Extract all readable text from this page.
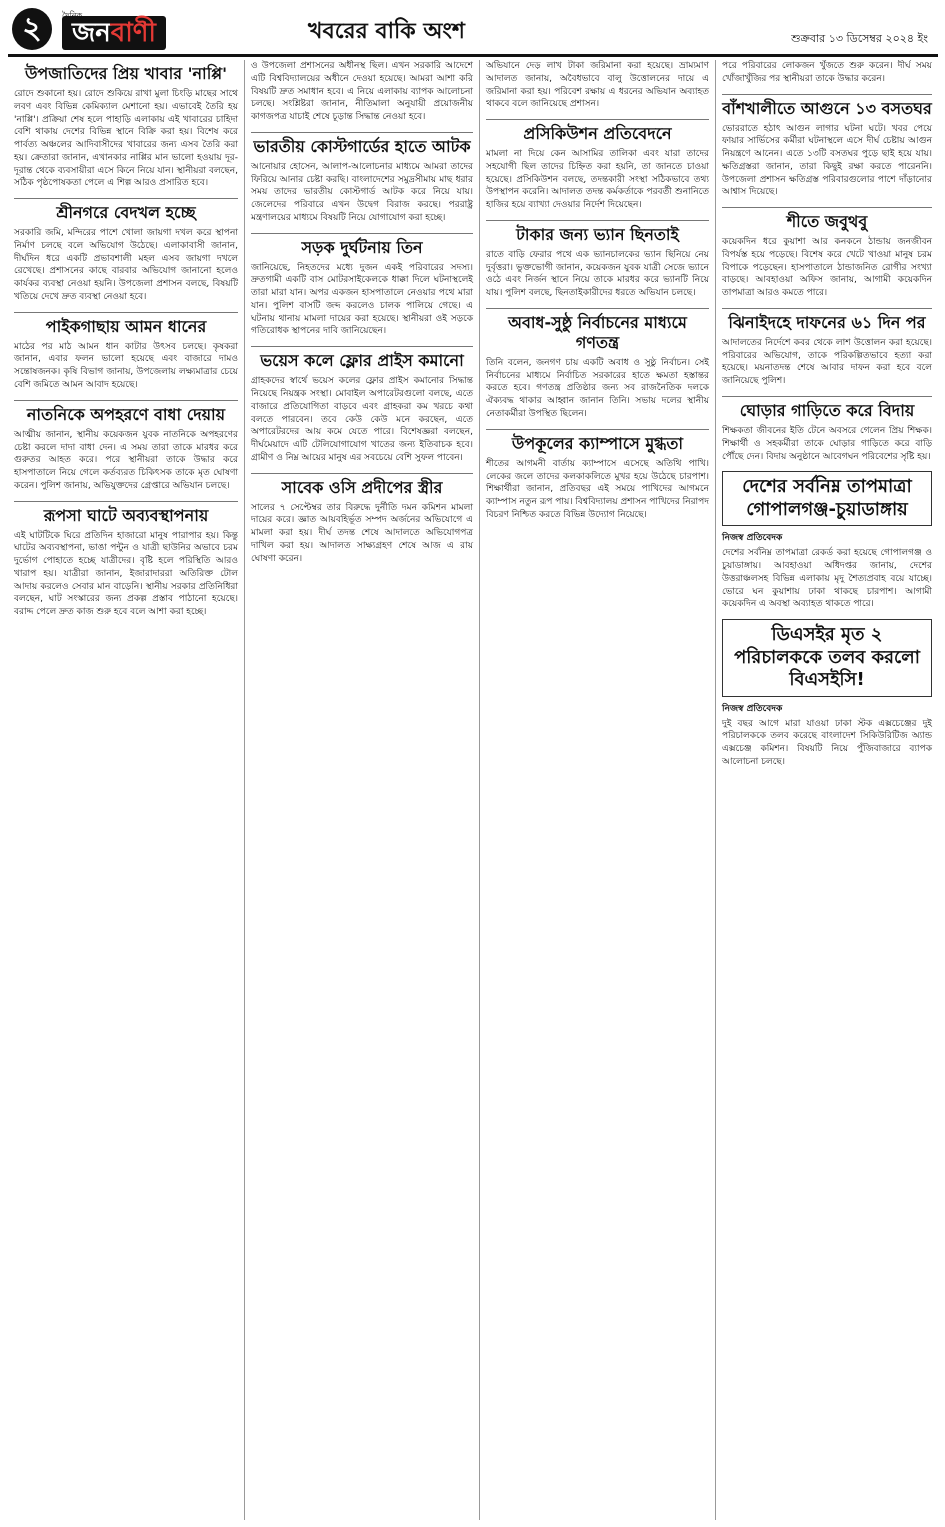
২	জনবাণী	খবরের বাকি অংশ	শুক্রবার ১৩ ডিসেম্বর ২০২৪ ইং
উপজাতিদের প্রিয় খাবার 'নাপ্পি'

রোদে শুকানো হয়। রোদে শুকিয়ে রাখা মুলা চিংড়ি মাছের সাথে লবণ এবং বিভিন্ন কেমিক্যাল মেশানো হয়। এভাবেই তৈরি হয় 'নাপ্পি'। প্রক্রিয়া শেষ হলে পাহাড়ি এলাকায় এই খাবারের চাহিদা বেশি থাকায় দেশের বিভিন্ন স্থানে বিক্রি করা হয়। বিশেষ করে পার্বত্য অঞ্চলের আদিবাসীদের খাবারের জন্য এসব তৈরি করা হয়। ক্রেতারা জানান, এখানকার নাপ্পির মান ভালো হওয়ায় দূর-দূরান্ত থেকে ব্যবসায়ীরা এসে কিনে নিয়ে যান। স্থানীয়রা বলছেন, সঠিক পৃষ্ঠপোষকতা পেলে এ শিল্প আরও প্রসারিত হবে।

শ্রীনগরে বেদখল হচ্ছে

সরকারি জমি, মন্দিরের পাশে খোলা জায়গা দখল করে স্থাপনা নির্মাণ চলছে বলে অভিযোগ উঠেছে। এলাকাবাসী জানান, দীর্ঘদিন ধরে একটি প্রভাবশালী মহল এসব জায়গা দখলে রেখেছে। প্রশাসনের কাছে বারবার অভিযোগ জানানো হলেও কার্যকর ব্যবস্থা নেওয়া হয়নি। উপজেলা প্রশাসন বলছে, বিষয়টি খতিয়ে দেখে দ্রুত ব্যবস্থা নেওয়া হবে।

পাইকগাছায় আমন ধানের

মাঠের পর মাঠ আমন ধান কাটার উৎসব চলছে। কৃষকরা জানান, এবার ফলন ভালো হয়েছে এবং বাজারে দামও সন্তোষজনক। কৃষি বিভাগ জানায়, উপজেলায় লক্ষ্যমাত্রার চেয়ে বেশি জমিতে আমন আবাদ হয়েছে।

নাতনিকে অপহরণে বাধা দেয়ায়

আত্মীয় জানান, স্থানীয় কয়েকজন যুবক নাতনিকে অপহরণের চেষ্টা করলে দাদা বাধা দেন। এ সময় তারা তাকে মারধর করে গুরুতর আহত করে। পরে স্থানীয়রা তাকে উদ্ধার করে হাসপাতালে নিয়ে গেলে কর্তব্যরত চিকিৎসক তাকে মৃত ঘোষণা করেন। পুলিশ জানায়, অভিযুক্তদের গ্রেপ্তারে অভিযান চলছে।

রূপসা ঘাটে অব্যবস্থাপনায়

এই ঘাটটিকে ঘিরে প্রতিদিন হাজারো মানুষ পারাপার হয়। কিন্তু ঘাটের অব্যবস্থাপনা, ভাঙা পন্টুন ও যাত্রী ছাউনির অভাবে চরম দুর্ভোগ পোহাতে হচ্ছে যাত্রীদের। বৃষ্টি হলে পরিস্থিতি আরও খারাপ হয়। যাত্রীরা জানান, ইজারাদাররা অতিরিক্ত টোল আদায় করলেও সেবার মান বাড়েনি। স্থানীয় সরকার প্রতিনিধিরা বলছেন, ঘাট সংস্কারের জন্য প্রকল্প প্রস্তাব পাঠানো হয়েছে। বরাদ্দ পেলে দ্রুত কাজ শুরু হবে বলে আশা করা হচ্ছে।

ও উপজেলা প্রশাসনের অধীনস্থ ছিল। এখন সরকারি আদেশে এটি বিশ্ববিদ্যালয়ের অধীনে দেওয়া হয়েছে। আমরা আশা করি বিষয়টি দ্রুত সমাধান হবে। এ নিয়ে এলাকায় ব্যাপক আলোচনা চলছে। সংশ্লিষ্টরা জানান, নীতিমালা অনুযায়ী প্রয়োজনীয় কাগজপত্র যাচাই শেষে চূড়ান্ত সিদ্ধান্ত নেওয়া হবে।

ভারতীয় কোস্টগার্ডের হাতে আটক

আনোয়ার হোসেন, আলাপ-আলোচনার মাধ্যমে আমরা তাদের ফিরিয়ে আনার চেষ্টা করছি। বাংলাদেশের সমুদ্রসীমায় মাছ ধরার সময় তাদের ভারতীয় কোস্টগার্ড আটক করে নিয়ে যায়। জেলেদের পরিবারে এখন উদ্বেগ বিরাজ করছে। পররাষ্ট্র মন্ত্রণালয়ের মাধ্যমে বিষয়টি নিয়ে যোগাযোগ করা হচ্ছে।

সড়ক দুর্ঘটনায় তিন

জানিয়েছে, নিহতদের মধ্যে দুজন একই পরিবারের সদস্য। দ্রুতগামী একটি বাস মোটরসাইকেলকে ধাক্কা দিলে ঘটনাস্থলেই তারা মারা যান। অপর একজন হাসপাতালে নেওয়ার পথে মারা যান। পুলিশ বাসটি জব্দ করলেও চালক পালিয়ে গেছে। এ ঘটনায় থানায় মামলা দায়ের করা হয়েছে। স্থানীয়রা ওই সড়কে গতিরোধক স্থাপনের দাবি জানিয়েছেন।

ভয়েস কলে ফ্লোর প্রাইস কমানো

গ্রাহকদের স্বার্থে ভয়েস কলের ফ্লোর প্রাইস কমানোর সিদ্ধান্ত নিয়েছে নিয়ন্ত্রক সংস্থা। মোবাইল অপারেটরগুলো বলছে, এতে বাজারে প্রতিযোগিতা বাড়বে এবং গ্রাহকরা কম খরচে কথা বলতে পারবেন। তবে কেউ কেউ মনে করছেন, এতে অপারেটরদের আয় কমে যেতে পারে। বিশেষজ্ঞরা বলছেন, দীর্ঘমেয়াদে এটি টেলিযোগাযোগ খাতের জন্য ইতিবাচক হবে। গ্রামীণ ও নিম্ন আয়ের মানুষ এর সবচেয়ে বেশি সুফল পাবেন।

সাবেক ওসি প্রদীপের স্ত্রীর

সালের ৭ সেপ্টেম্বর তার বিরুদ্ধে দুর্নীতি দমন কমিশন মামলা দায়ের করে। জ্ঞাত আয়বহির্ভূত সম্পদ অর্জনের অভিযোগে এ মামলা করা হয়। দীর্ঘ তদন্ত শেষে আদালতে অভিযোগপত্র দাখিল করা হয়। আদালত সাক্ষ্যগ্রহণ শেষে আজ এ রায় ঘোষণা করেন।

অভিযানে দেড় লাখ টাকা জরিমানা করা হয়েছে। ভ্রাম্যমাণ আদালত জানায়, অবৈধভাবে বালু উত্তোলনের দায়ে এ জরিমানা করা হয়। পরিবেশ রক্ষায় এ ধরনের অভিযান অব্যাহত থাকবে বলে জানিয়েছে প্রশাসন।

প্রসিকিউশন প্রতিবেদনে

মামলা না দিয়ে কেন আসামির তালিকা এবং যারা তাদের সহযোগী ছিল তাদের চিহ্নিত করা হয়নি, তা জানতে চাওয়া হয়েছে। প্রসিকিউশন বলছে, তদন্তকারী সংস্থা সঠিকভাবে তথ্য উপস্থাপন করেনি। আদালত তদন্ত কর্মকর্তাকে পরবর্তী শুনানিতে হাজির হয়ে ব্যাখ্যা দেওয়ার নির্দেশ দিয়েছেন।

টাকার জন্য ভ্যান ছিনতাই

রাতে বাড়ি ফেরার পথে এক ভ্যানচালকের ভ্যান ছিনিয়ে নেয় দুর্বৃত্তরা। ভুক্তভোগী জানান, কয়েকজন যুবক যাত্রী সেজে ভ্যানে ওঠে এবং নির্জন স্থানে নিয়ে তাকে মারধর করে ভ্যানটি নিয়ে যায়। পুলিশ বলছে, ছিনতাইকারীদের ধরতে অভিযান চলছে।

অবাধ-সুষ্ঠু নির্বাচনের মাধ্যমে গণতন্ত্র

তিনি বলেন, জনগণ চায় একটি অবাধ ও সুষ্ঠু নির্বাচন। সেই নির্বাচনের মাধ্যমে নির্বাচিত সরকারের হাতে ক্ষমতা হস্তান্তর করতে হবে। গণতন্ত্র প্রতিষ্ঠার জন্য সব রাজনৈতিক দলকে ঐক্যবদ্ধ থাকার আহ্বান জানান তিনি। সভায় দলের স্থানীয় নেতাকর্মীরা উপস্থিত ছিলেন।

উপকূলের ক্যাম্পাসে মুগ্ধতা

শীতের আগমনী বার্তায় ক্যাম্পাসে এসেছে অতিথি পাখি। লেকের জলে তাদের কলকাকলিতে মুখর হয়ে উঠেছে চারপাশ। শিক্ষার্থীরা জানান, প্রতিবছর এই সময়ে পাখিদের আগমনে ক্যাম্পাস নতুন রূপ পায়। বিশ্ববিদ্যালয় প্রশাসন পাখিদের নিরাপদ বিচরণ নিশ্চিত করতে বিভিন্ন উদ্যোগ নিয়েছে।

পরে পরিবারের লোকজন খুঁজতে শুরু করেন। দীর্ঘ সময় খোঁজাখুঁজির পর স্থানীয়রা তাকে উদ্ধার করেন।

বাঁশখালীতে আগুনে ১৩ বসতঘর

ভোররাতে হঠাৎ আগুন লাগার ঘটনা ঘটে। খবর পেয়ে ফায়ার সার্ভিসের কর্মীরা ঘটনাস্থলে এসে দীর্ঘ চেষ্টায় আগুন নিয়ন্ত্রণে আনেন। এতে ১৩টি বসতঘর পুড়ে ছাই হয়ে যায়। ক্ষতিগ্রস্তরা জানান, তারা কিছুই রক্ষা করতে পারেননি। উপজেলা প্রশাসন ক্ষতিগ্রস্ত পরিবারগুলোর পাশে দাঁড়ানোর আশ্বাস দিয়েছে।

শীতে জবুথবু

কয়েকদিন ধরে কুয়াশা আর কনকনে ঠান্ডায় জনজীবন বিপর্যস্ত হয়ে পড়েছে। বিশেষ করে খেটে খাওয়া মানুষ চরম বিপাকে পড়েছেন। হাসপাতালে ঠান্ডাজনিত রোগীর সংখ্যা বাড়ছে। আবহাওয়া অফিস জানায়, আগামী কয়েকদিন তাপমাত্রা আরও কমতে পারে।

ঝিনাইদহে দাফনের ৬১ দিন পর

আদালতের নির্দেশে কবর থেকে লাশ উত্তোলন করা হয়েছে। পরিবারের অভিযোগ, তাকে পরিকল্পিতভাবে হত্যা করা হয়েছে। ময়নাতদন্ত শেষে আবার দাফন করা হবে বলে জানিয়েছে পুলিশ।

ঘোড়ার গাড়িতে করে বিদায়

শিক্ষকতা জীবনের ইতি টেনে অবসরে গেলেন প্রিয় শিক্ষক। শিক্ষার্থী ও সহকর্মীরা তাকে ঘোড়ার গাড়িতে করে বাড়ি পৌঁছে দেন। বিদায় অনুষ্ঠানে আবেগঘন পরিবেশের সৃষ্টি হয়।

দেশের সর্বনিম্ন তাপমাত্রা গোপালগঞ্জ-চুয়াডাঙ্গায়
নিজস্ব প্রতিবেদক

দেশের সর্বনিম্ন তাপমাত্রা রেকর্ড করা হয়েছে গোপালগঞ্জ ও চুয়াডাঙ্গায়। আবহাওয়া অধিদপ্তর জানায়, দেশের উত্তরাঞ্চলসহ বিভিন্ন এলাকায় মৃদু শৈত্যপ্রবাহ বয়ে যাচ্ছে। ভোরে ঘন কুয়াশায় ঢাকা থাকছে চারপাশ। আগামী কয়েকদিন এ অবস্থা অব্যাহত থাকতে পারে।

ডিএসইর মৃত ২ পরিচালককে তলব করলো বিএসইসি!
নিজস্ব প্রতিবেদক

দুই বছর আগে মারা যাওয়া ঢাকা স্টক এক্সচেঞ্জের দুই পরিচালককে তলব করেছে বাংলাদেশ সিকিউরিটিজ অ্যান্ড এক্সচেঞ্জ কমিশন। বিষয়টি নিয়ে পুঁজিবাজারে ব্যাপক আলোচনা চলছে।
